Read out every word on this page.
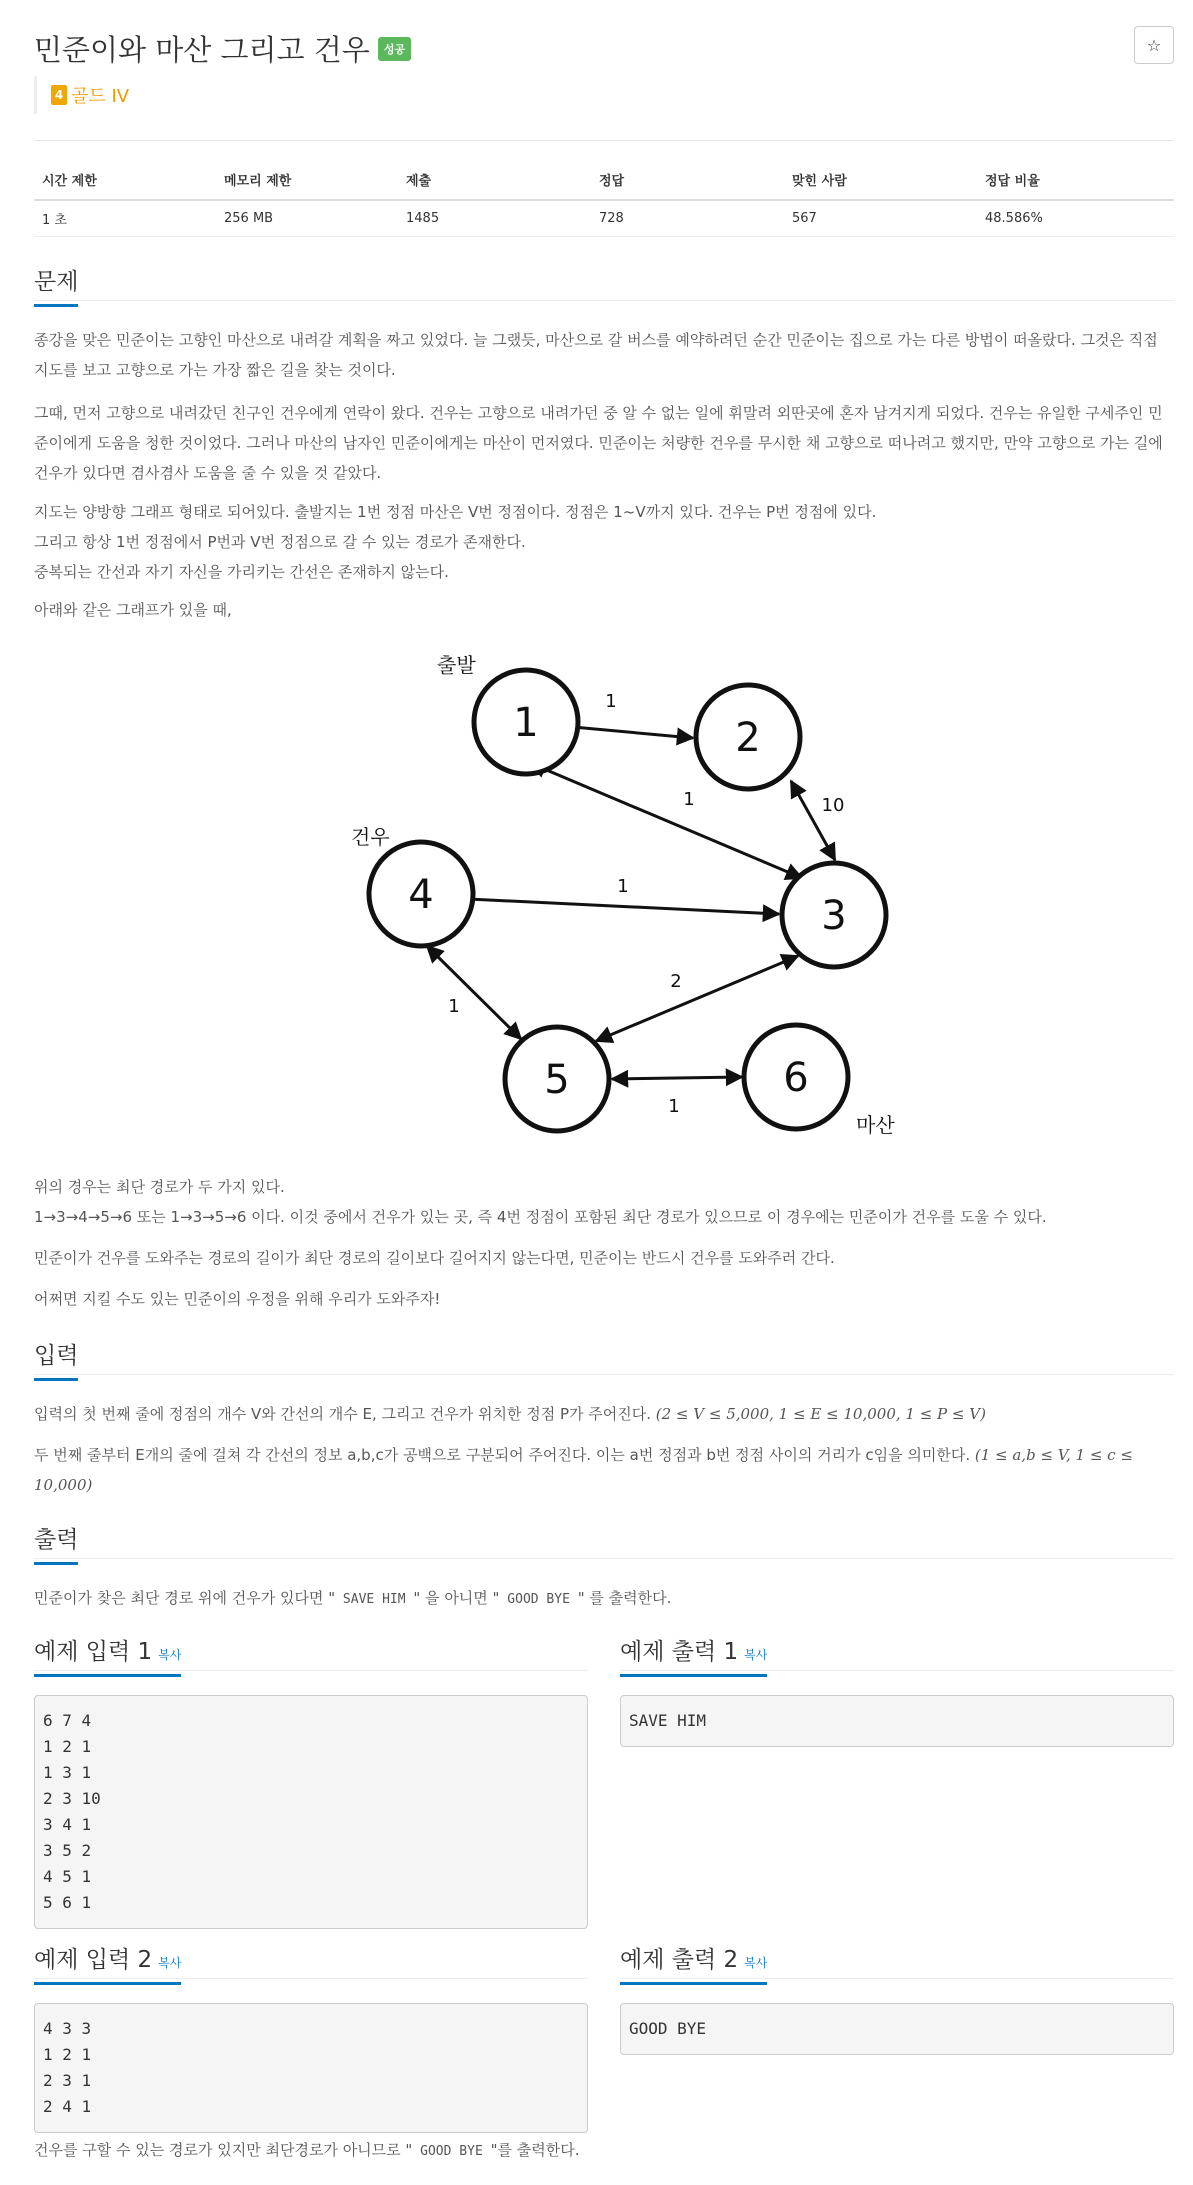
민준이와 마산 그리고 건우	성공	☆
4 골드 IV
시간 제한	메모리 제한	제출	정답	맞힌 사람	정답 비율
1 초	256 MB	1485	728	567	48.586%
문제

종강을 맞은 민준이는 고향인 마산으로 내려갈 계획을 짜고 있었다. 늘 그랬듯, 마산으로 갈 버스를 예약하려던 순간 민준이는 집으로 가는 다른 방법이 떠올랐다. 그것은 직접 지도를 보고 고향으로 가는 가장 짧은 길을 찾는 것이다.

그때, 먼저 고향으로 내려갔던 친구인 건우에게 연락이 왔다. 건우는 고향으로 내려가던 중 알 수 없는 일에 휘말려 외딴곳에 혼자 남겨지게 되었다. 건우는 유일한 구세주인 민준이에게 도움을 청한 것이었다. 그러나 마산의 남자인 민준이에게는 마산이 먼저였다. 민준이는 처량한 건우를 무시한 채 고향으로 떠나려고 했지만, 만약 고향으로 가는 길에 건우가 있다면 겸사겸사 도움을 줄 수 있을 것 같았다.

지도는 양방향 그래프 형태로 되어있다. 출발지는 1번 정점 마산은 V번 정점이다. 정점은 1~V까지 있다. 건우는 P번 정점에 있다.
그리고 항상 1번 정점에서 P번과 V번 정점으로 갈 수 있는 경로가 존재한다.
중복되는 간선과 자기 자신을 가리키는 간선은 존재하지 않는다.

아래와 같은 그래프가 있을 때,

1	2
3
4
5	6
1
10
1
1
2
1
1
출발
건우
마산
위의 경우는 최단 경로가 두 가지 있다.
1→3→4→5→6 또는 1→3→5→6 이다. 이것 중에서 건우가 있는 곳, 즉 4번 정점이 포함된 최단 경로가 있으므로 이 경우에는 민준이가 건우를 도울 수 있다.

민준이가 건우를 도와주는 경로의 길이가 최단 경로의 길이보다 길어지지 않는다면, 민준이는 반드시 건우를 도와주러 간다.

어쩌면 지킬 수도 있는 민준이의 우정을 위해 우리가 도와주자!

입력

입력의 첫 번째 줄에 정점의 개수 V와 간선의 개수 E, 그리고 건우가 위치한 정점 P가 주어진다. (2 ≤ V ≤ 5,000, 1 ≤ E ≤ 10,000, 1 ≤ P ≤ V)

두 번째 줄부터 E개의 줄에 걸쳐 각 간선의 정보 a,b,c가 공백으로 구분되어 주어진다. 이는 a번 정점과 b번 정점 사이의 거리가 c임을 의미한다. (1 ≤ a,b ≤ V, 1 ≤ c ≤ 10,000)

출력

민준이가 찾은 최단 경로 위에 건우가 있다면 " SAVE HIM " 을 아니면 " GOOD BYE " 를 출력한다.

예제 입력 1 복사
6 7 4
1 2 1
1 3 1
2 3 10
3 4 1
3 5 2
4 5 1
5 6 1
예제 출력 1 복사
SAVE HIM
예제 입력 2 복사
4 3 3
1 2 1
2 3 1
2 4 1
예제 출력 2 복사
GOOD BYE

건우를 구할 수 있는 경로가 있지만 최단경로가 아니므로 " GOOD BYE "를 출력한다.
